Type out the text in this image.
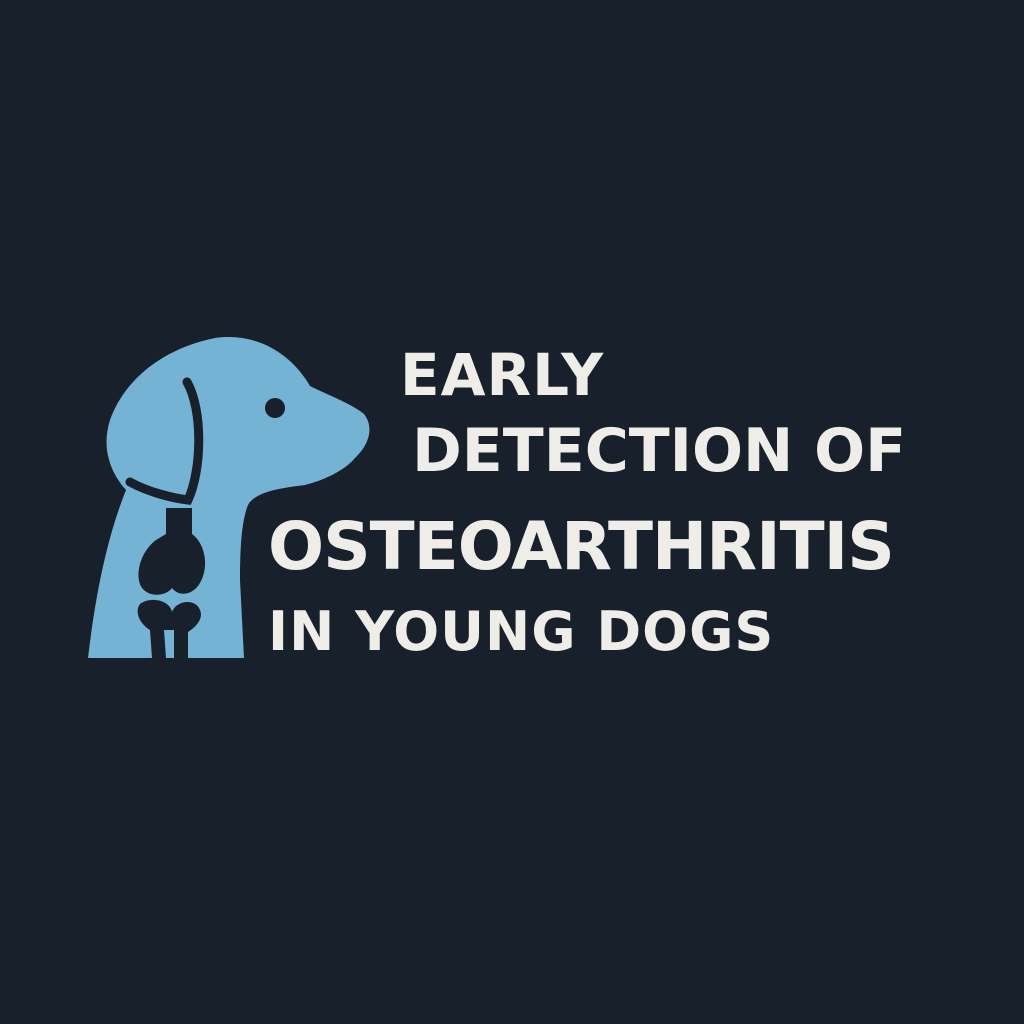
EARLY

DETECTION OF

OSTEOARTHRITIS

IN YOUNG DOGS
